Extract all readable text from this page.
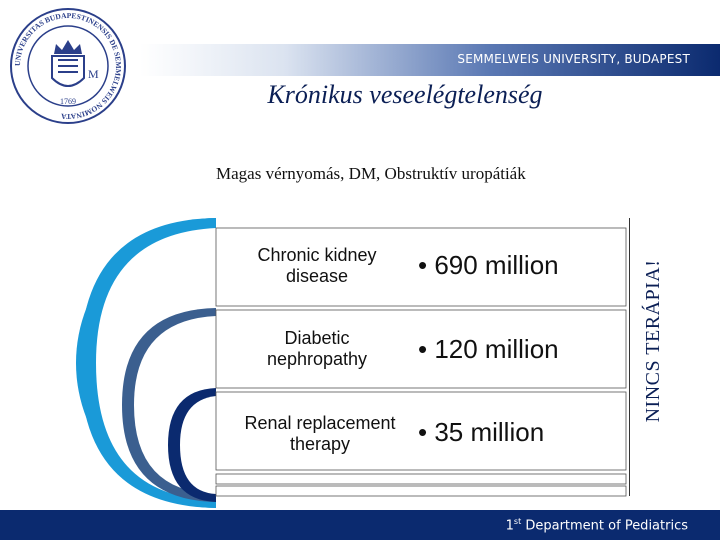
SEMMELWEIS UNIVERSITY, BUDAPEST
UNIVERSITAS BUDAPESTINENSIS DE SEMMELWEIS NOMINATA
M
1769	Krónikus veseelégtelenség
Magas vérnyomás, DM, Obstruktív uropátiák
Chronic kidney
disease	• 690 million
Diabetic
nephropathy	• 120 million
Renal replacement
therapy	• 35 million
NINCS TERÁPIA!
1st Department of Pediatrics
